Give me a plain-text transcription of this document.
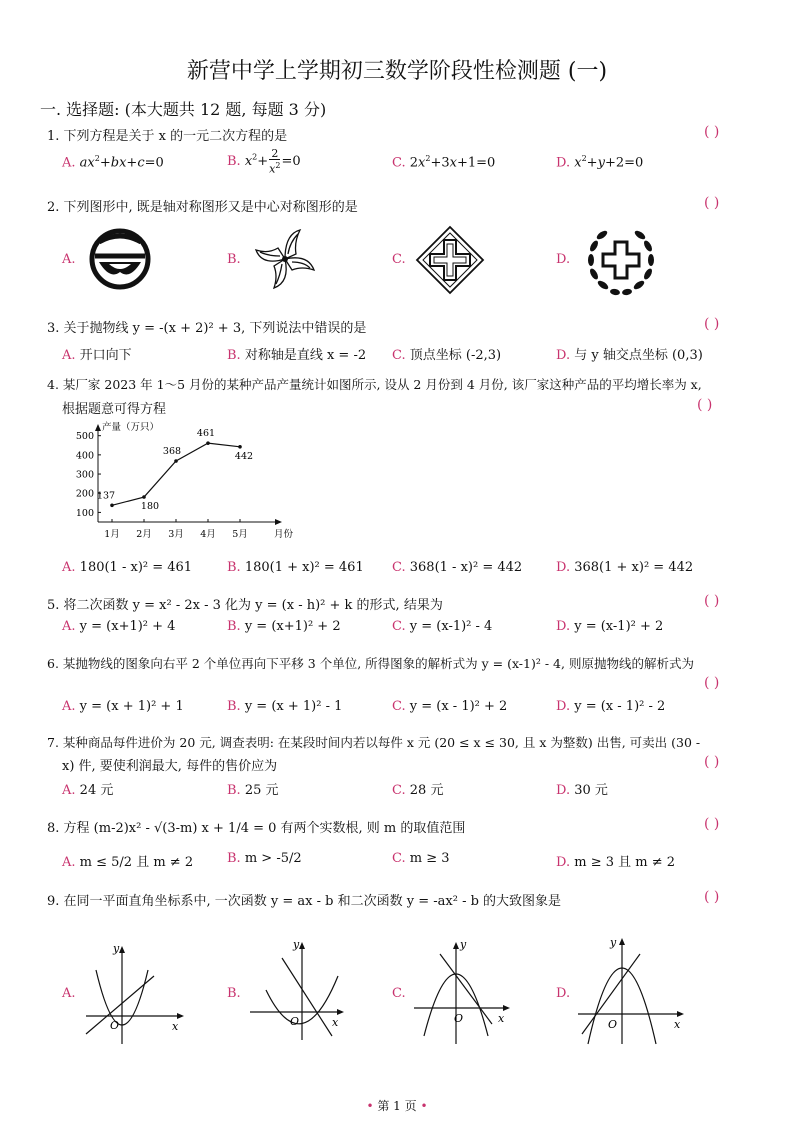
新营中学上学期初三数学阶段性检测题 (一)
一. 选择题: (本大题共 12 题, 每题 3 分)
1. 下列方程是关于 x 的一元二次方程的是	( )
A. $ax^2+bx+c=0$	B. $x^2+ \frac{2}{x^2} =0$	C. $2x^2+3x+1=0$	D. $x^2+y+2=0$
2. 下列图形中, 既是轴对称图形又是中心对称图形的是	( )
A.	B.	C.	D.
3. 关于抛物线 y = -(x + 2)² + 3, 下列说法中错误的是	( )
A. 开口向下	B. 对称轴是直线 x = -2 C. 顶点坐标 (-2,3)	D. 与 y 轴交点坐标 (0,3)
4. 某厂家 2023 年 1～5 月份的某种产品产量统计如图所示, 设从 2 月份到 4 月份, 该厂家这种产品的平均增长率为 x,
根据题意可得方程	( )
100
200
300
400
500
1月 2月 3月 4月 5月	月份
产量（万只）
137
180
368
461
442
A. 180(1 - x)² = 461	B. 180(1 + x)² = 461 C. 368(1 - x)² = 442	D. 368(1 + x)² = 442
5. 将二次函数 y = x² - 2x - 3 化为 y = (x - h)² + k 的形式, 结果为	( )
A. y = (x+1)² + 4	B. y = (x+1)² + 2	C. y = (x-1)² - 4	D. y = (x-1)² + 2
6. 某抛物线的图象向右平 2 个单位再向下平移 3 个单位, 所得图象的解析式为 y = (x-1)² - 4, 则原抛物线的解析式为
( )
A. y = (x + 1)² + 1	B. y = (x + 1)² - 1	C. y = (x - 1)² + 2	D. y = (x - 1)² - 2
7. 某种商品每件进价为 20 元, 调查表明: 在某段时间内若以每件 x 元 (20 ≤ x ≤ 30, 且 x 为整数) 出售, 可卖出 (30 -
x) 件, 要使利润最大, 每件的售价应为	( )
A. 24 元	B. 25 元	C. 28 元	D. 30 元
8. 方程 (m-2)x² - √(3-m) x + 1/4 = 0 有两个实数根, 则 m 的取值范围	( )
A. m ≤ 5/2 且 m ≠ 2	B. m > -5/2	C. m ≥ 3	D. m ≥ 3 且 m ≠ 2
9. 在同一平面直角坐标系中, 一次函数 y = ax - b 和二次函数 y = -ax² - b 的大致图象是	( )
A.
y
x
O
B.
y
x
O
C.
y
x
O
D.
y
x
O
• 第 1 页 •
